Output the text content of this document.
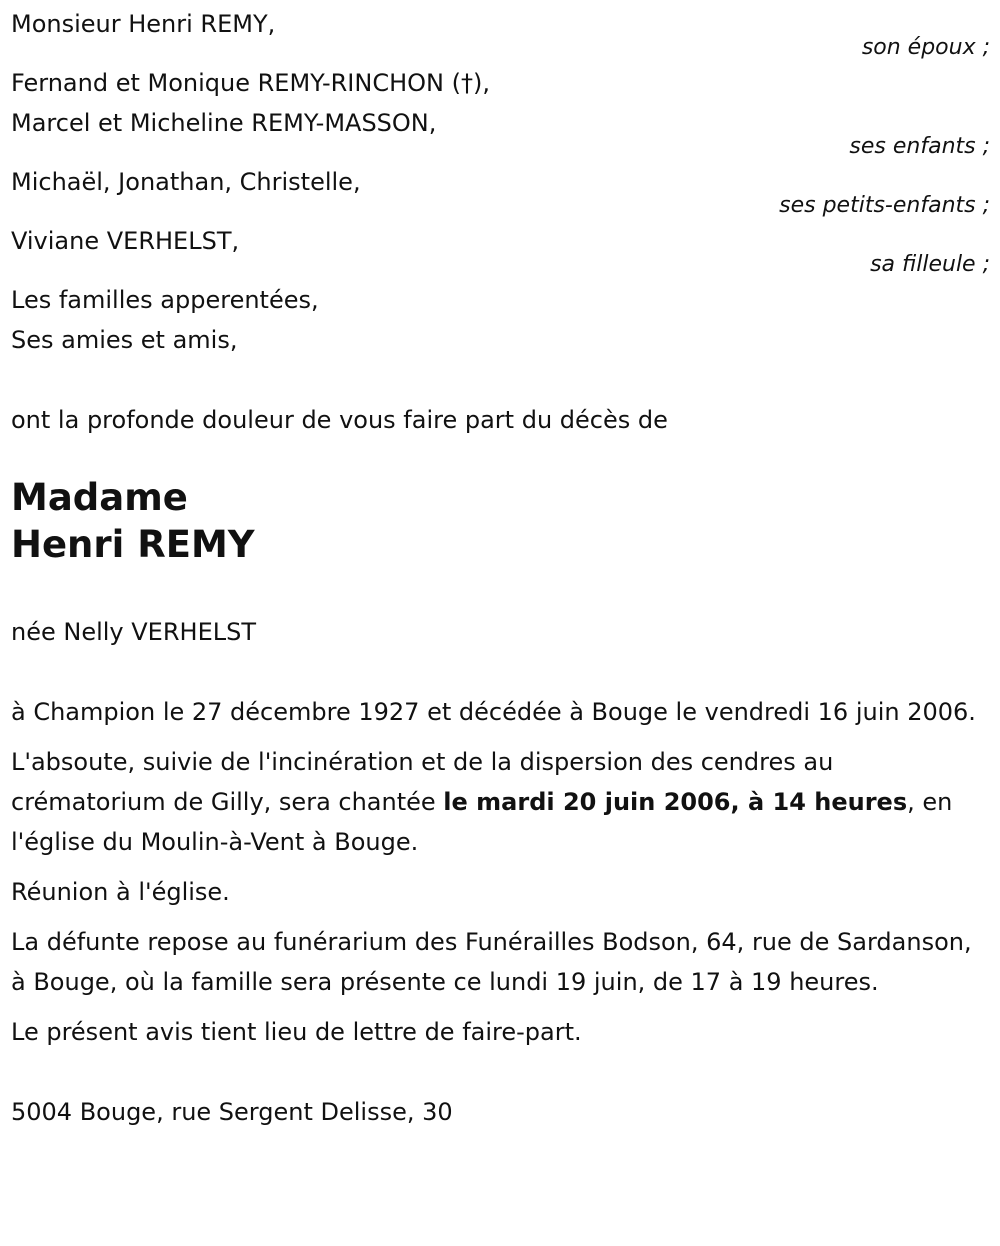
Monsieur Henri REMY,
son époux ;
Fernand et Monique REMY-RINCHON (†),
Marcel et Micheline REMY-MASSON,
ses enfants ;
Michaël, Jonathan, Christelle,
ses petits-enfants ;
Viviane VERHELST,
sa filleule ;
Les familles apperentées,
Ses amies et amis,
ont la profonde douleur de vous faire part du décès de
Madame
Henri REMY
née Nelly VERHELST
à Champion le 27 décembre 1927 et décédée à Bouge le vendredi 16 juin 2006.
L'absoute, suivie de l'incinération et de la dispersion des cendres au crématorium de Gilly, sera chantée le mardi 20 juin 2006, à 14 heures, en l'église du Moulin-à-Vent à Bouge.
Réunion à l'église.
La défunte repose au funérarium des Funérailles Bodson, 64, rue de Sardanson, à Bouge, où la famille sera présente ce lundi 19 juin, de 17 à 19 heures.
Le présent avis tient lieu de lettre de faire-part.
5004 Bouge, rue Sergent Delisse, 30
